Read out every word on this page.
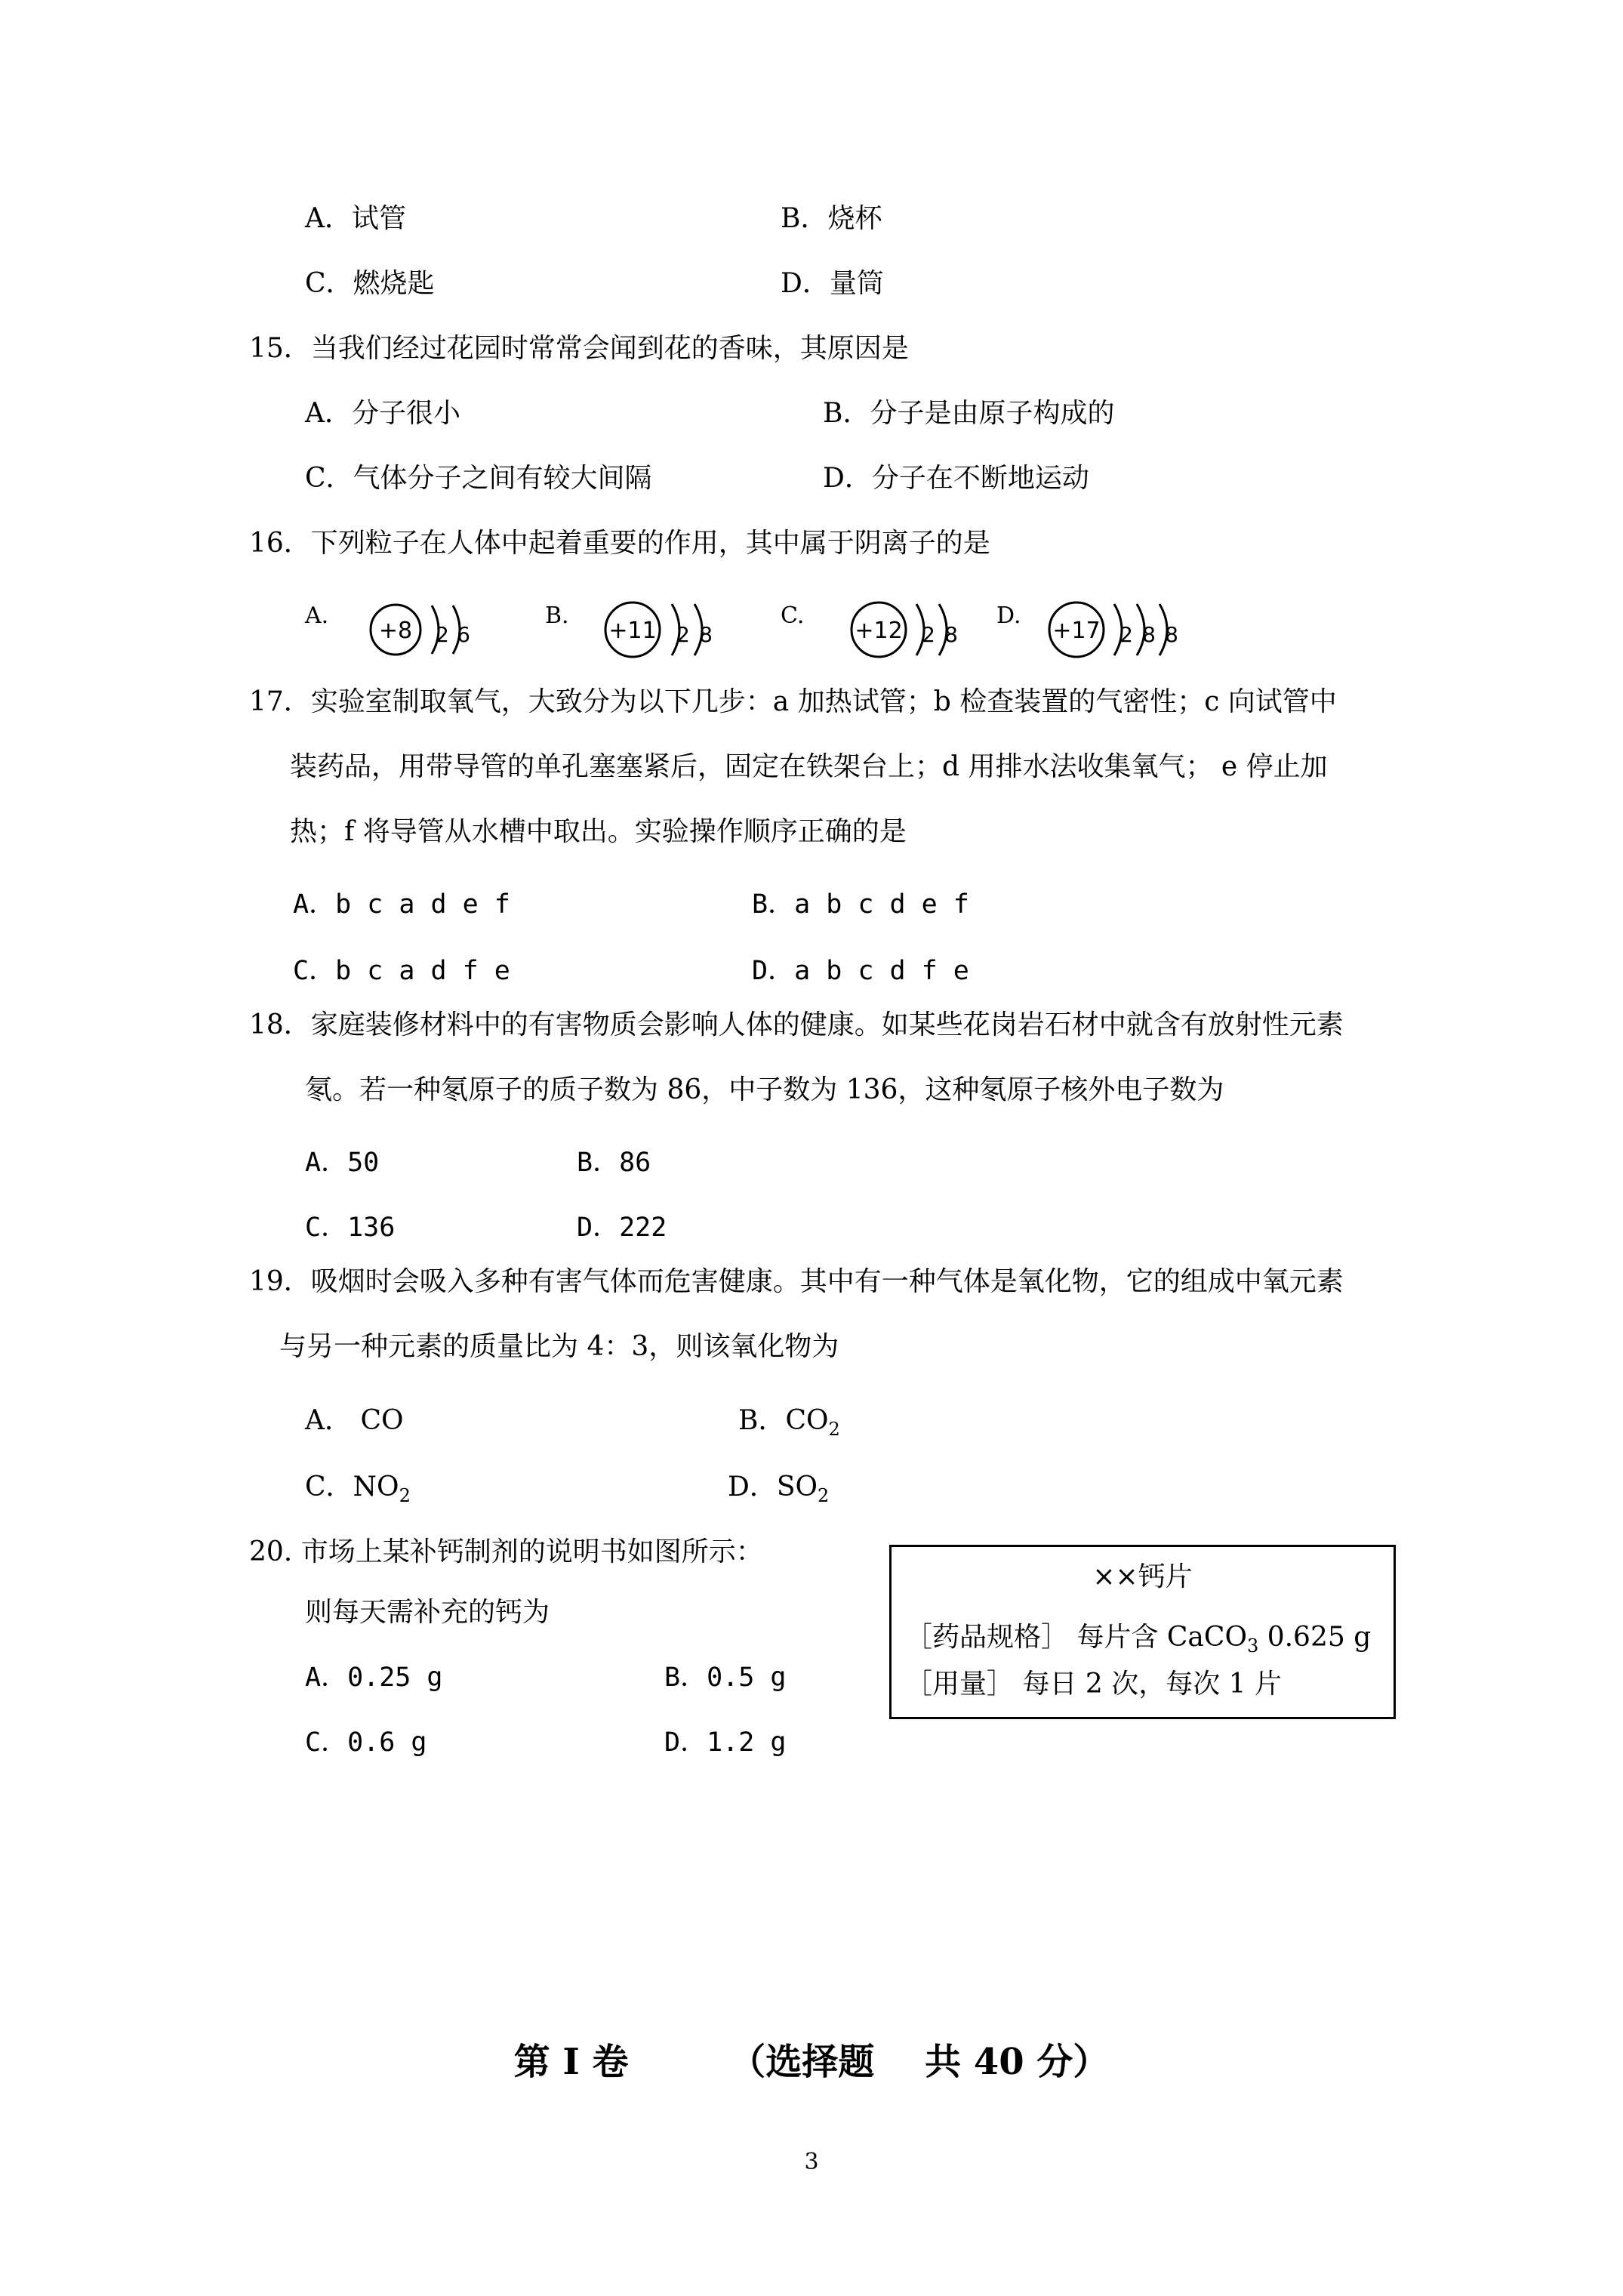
A．试管	B．烧杯
C．燃烧匙	D．量筒
15．当我们经过花园时常常会闻到花的香味，其原因是
A．分子很小	B．分子是由原子构成的
C．气体分子之间有较大间隔	D．分子在不断地运动
16．下列粒子在人体中起着重要的作用，其中属于阴离子的是
A.
+8 2 6
B.
+11 2 8
C.
+12 2 8
D.
+17 2 8 8
17．实验室制取氧气，大致分为以下几步：a 加热试管；b 检查装置的气密性；c 向试管中
装药品，用带导管的单孔塞塞紧后，固定在铁架台上；d 用排水法收集氧气； e 停止加
热；f 将导管从水槽中取出。实验操作顺序正确的是
A．b c a d e f	B．a b c d e f
C．b c a d f e	D．a b c d f e
18．家庭装修材料中的有害物质会影响人体的健康。如某些花岗岩石材中就含有放射性元素
氡。若一种氡原子的质子数为 86，中子数为 136，这种氡原子核外电子数为
A．50	B．86
C．136	D．222
19．吸烟时会吸入多种有害气体而危害健康。其中有一种气体是氧化物，它的组成中氧元素
与另一种元素的质量比为 4：3，则该氧化物为
A． CO	B．$CO_2$
C．$NO_2$	D．$SO_2$
20. 市场上某补钙制剂的说明书如图所示：
则每天需补充的钙为
A．0.25 g	B．0.5 g
C．0.6 g	D．1.2 g
××钙片
［药品规格］ 每片含 CaCO$_3$ 0.625 g
［用量］ 每日 2 次，每次 1 片
第 I 卷        （选择题    共 40 分）
3
